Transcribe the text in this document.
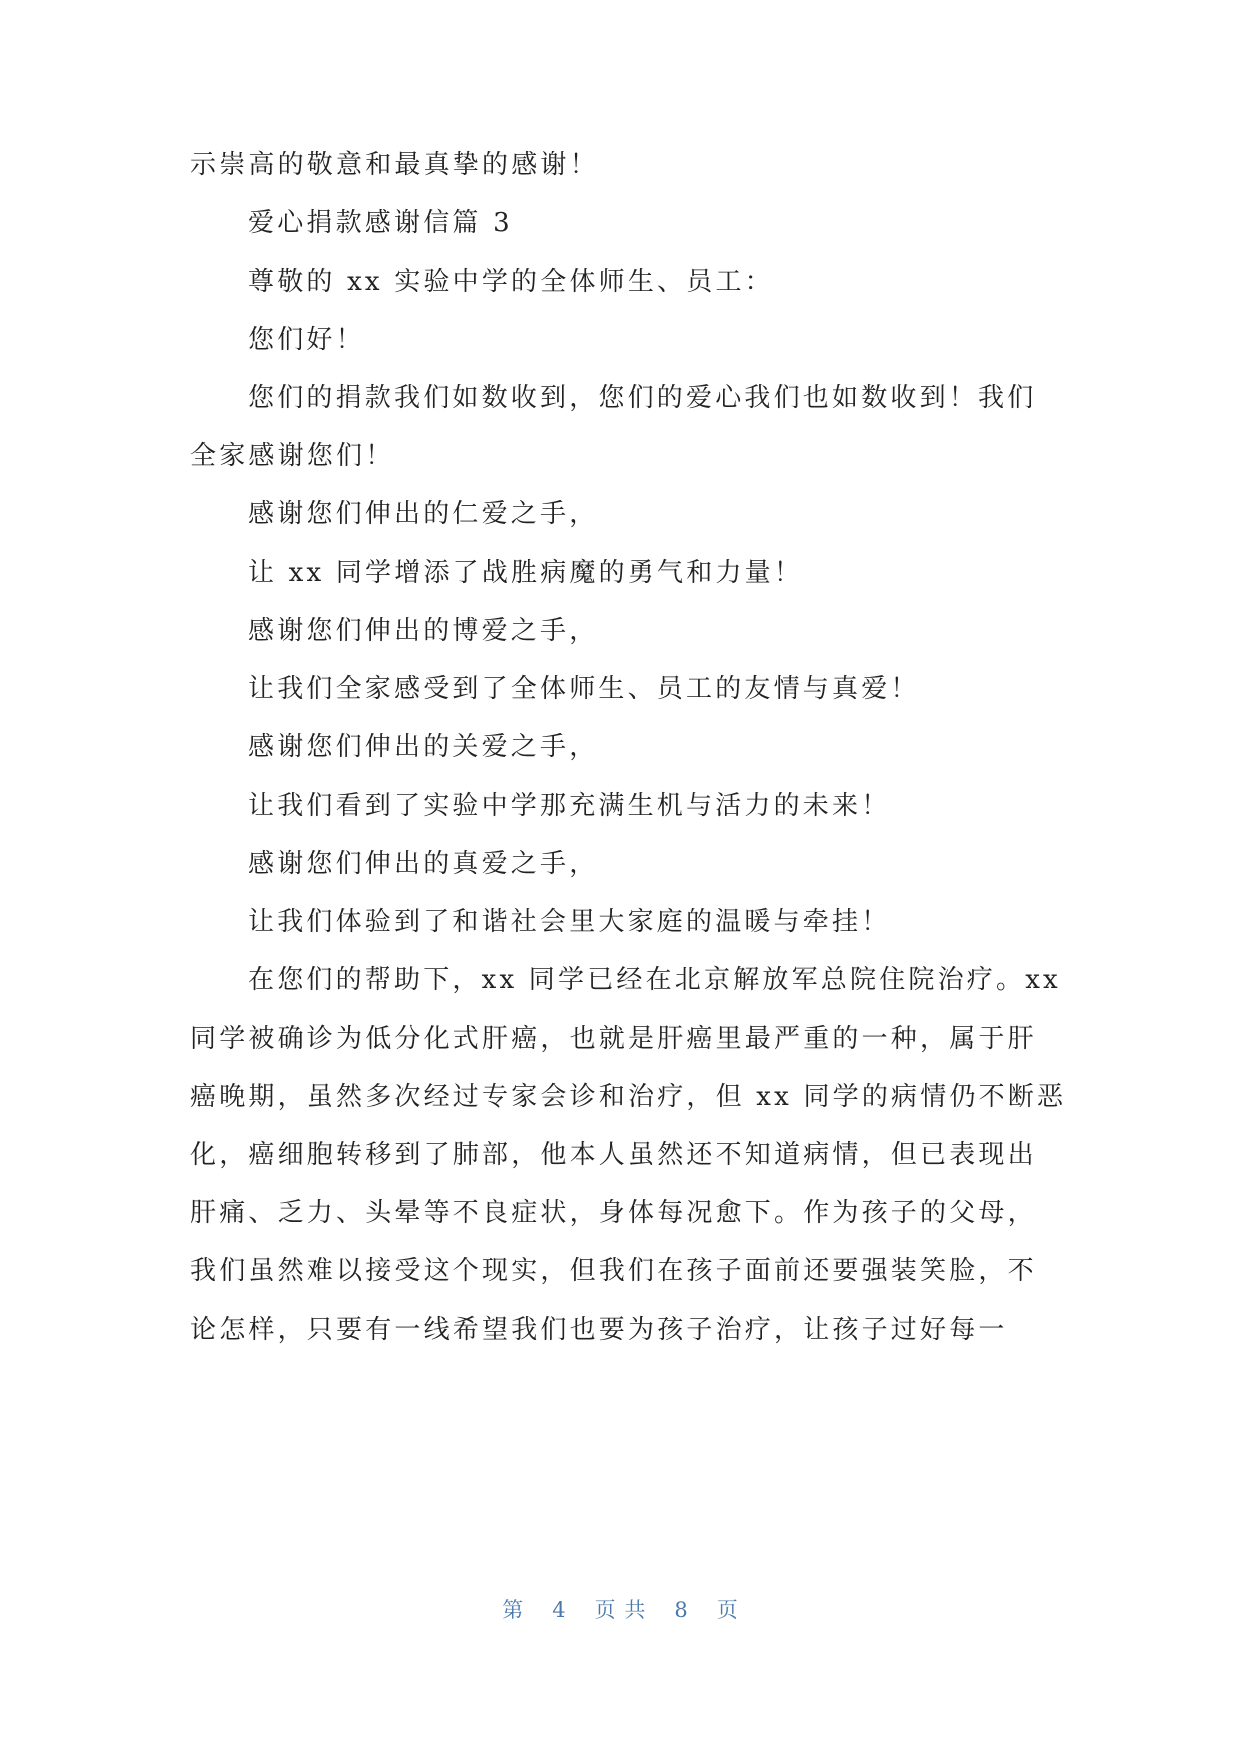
示崇高的敬意和最真挚的感谢！
爱心捐款感谢信篇 3
尊敬的 xx 实验中学的全体师生、员工：
您们好！
您们的捐款我们如数收到，您们的爱心我们也如数收到！我们
全家感谢您们！
感谢您们伸出的仁爱之手，
让 xx 同学增添了战胜病魔的勇气和力量！
感谢您们伸出的博爱之手，
让我们全家感受到了全体师生、员工的友情与真爱！
感谢您们伸出的关爱之手，
让我们看到了实验中学那充满生机与活力的未来！
感谢您们伸出的真爱之手，
让我们体验到了和谐社会里大家庭的温暖与牵挂！
在您们的帮助下，xx 同学已经在北京解放军总院住院治疗。xx
同学被确诊为低分化式肝癌，也就是肝癌里最严重的一种，属于肝
癌晚期，虽然多次经过专家会诊和治疗，但 xx 同学的病情仍不断恶
化，癌细胞转移到了肺部，他本人虽然还不知道病情，但已表现出
肝痛、乏力、头晕等不良症状，身体每况愈下。作为孩子的父母，
我们虽然难以接受这个现实，但我们在孩子面前还要强装笑脸，不
论怎样，只要有一线希望我们也要为孩子治疗，让孩子过好每一
第 4 页 共 8 页
